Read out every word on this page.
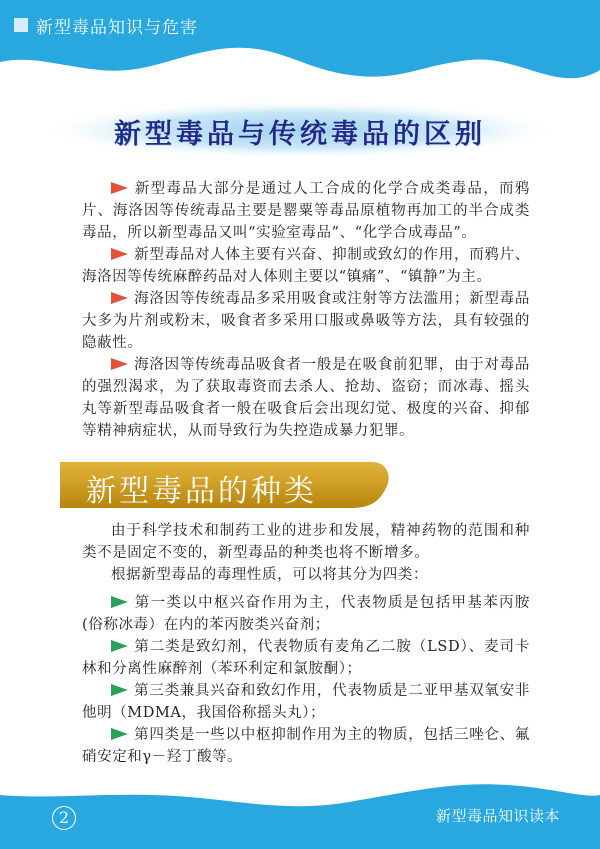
新型毒品知识与危害
新型毒品与传统毒品的区别

新型毒品大部分是通过人工合成的化学合成类毒品，而鸦片、海洛因等传统毒品主要是罂粟等毒品原植物再加工的半合成类毒品，所以新型毒品又叫“实验室毒品”、“化学合成毒品”。

新型毒品对人体主要有兴奋、抑制或致幻的作用，而鸦片、海洛因等传统麻醉药品对人体则主要以“镇痛”、“镇静”为主。

海洛因等传统毒品多采用吸食或注射等方法滥用；新型毒品大多为片剂或粉末，吸食者多采用口服或鼻吸等方法，具有较强的隐蔽性。

海洛因等传统毒品吸食者一般是在吸食前犯罪，由于对毒品的强烈渴求，为了获取毒资而去杀人、抢劫、盗窃；而冰毒、摇头丸等新型毒品吸食者一般在吸食后会出现幻觉、极度的兴奋、抑郁等精神病症状，从而导致行为失控造成暴力犯罪。

新型毒品的种类

由于科学技术和制药工业的进步和发展，精神药物的范围和种类不是固定不变的，新型毒品的种类也将不断增多。

根据新型毒品的毒理性质，可以将其分为四类：

第一类以中枢兴奋作用为主，代表物质是包括甲基苯丙胺(俗称冰毒）在内的苯丙胺类兴奋剂；

第二类是致幻剂，代表物质有麦角乙二胺（LSD）、麦司卡林和分离性麻醉剂（苯环利定和氯胺酮）；

第三类兼具兴奋和致幻作用，代表物质是二亚甲基双氧安非他明（MDMA，我国俗称摇头丸）；

第四类是一些以中枢抑制作用为主的物质，包括三唑仑、氟硝安定和γ－羟丁酸等。

2	新型毒品知识读本
